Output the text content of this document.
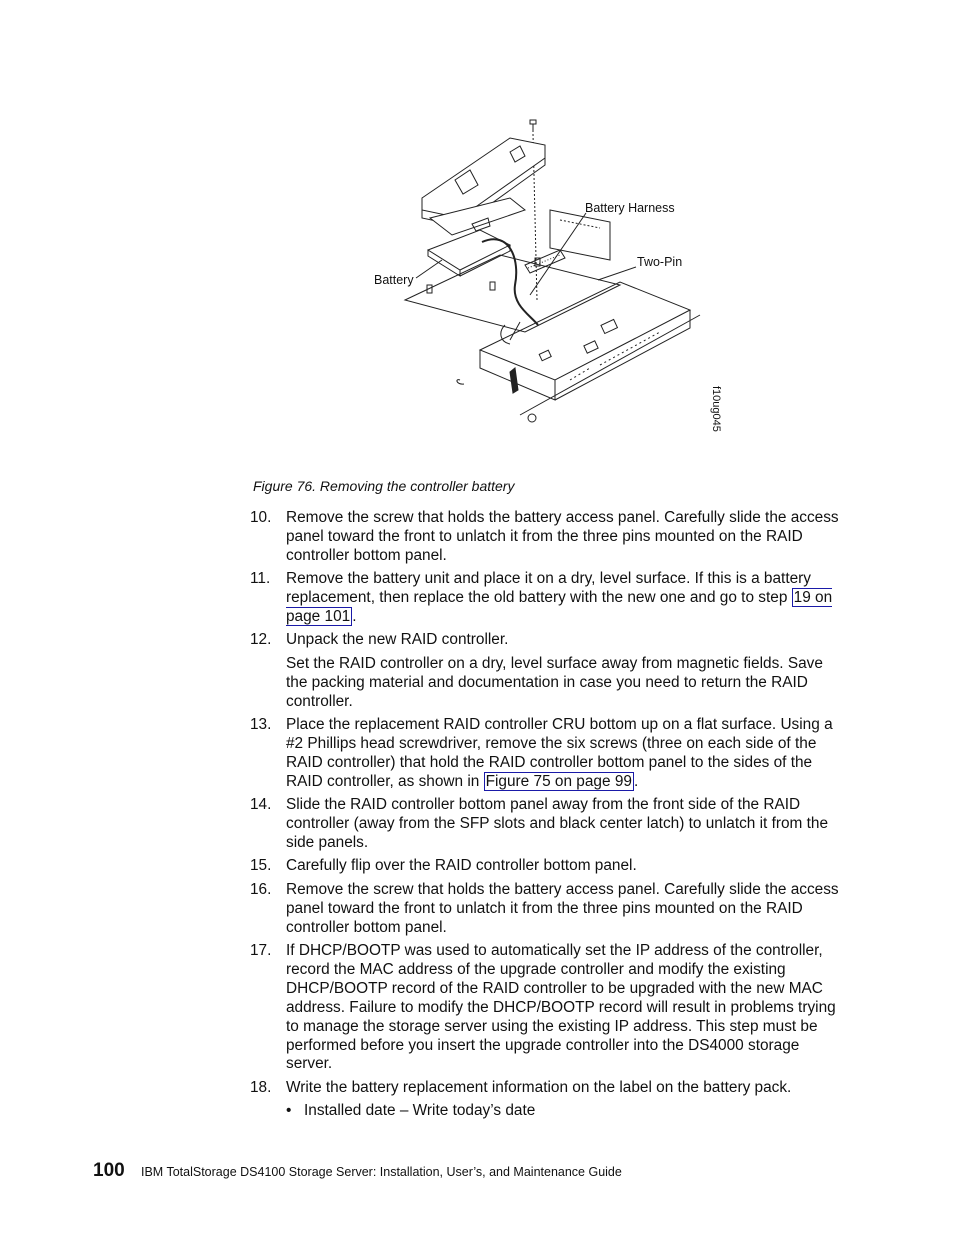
Battery Harness
Two-Pin
Battery
f10ug045
Figure 76. Removing the controller battery
10. Remove the screw that holds the battery access panel. Carefully slide the access panel toward the front to unlatch it from the three pins mounted on the RAID controller bottom panel.

11. Remove the battery unit and place it on a dry, level surface. If this is a battery replacement, then replace the old battery with the new one and go to step 19 on page 101 .

12. Unpack the new RAID controller.

Set the RAID controller on a dry, level surface away from magnetic fields. Save the packing material and documentation in case you need to return the RAID controller.

13. Place the replacement RAID controller CRU bottom up on a flat surface. Using a #2 Phillips head screwdriver, remove the six screws (three on each side of the RAID controller) that hold the RAID controller bottom panel to the sides of the RAID controller, as shown in Figure 75 on page 99 .

14. Slide the RAID controller bottom panel away from the front side of the RAID controller (away from the SFP slots and black center latch) to unlatch it from the side panels.

15. Carefully flip over the RAID controller bottom panel.

16. Remove the screw that holds the battery access panel. Carefully slide the access panel toward the front to unlatch it from the three pins mounted on the RAID controller bottom panel.

17. If DHCP/BOOTP was used to automatically set the IP address of the controller, record the MAC address of the upgrade controller and modify the existing DHCP/BOOTP record of the RAID controller to be upgraded with the new MAC address. Failure to modify the DHCP/BOOTP record will result in problems trying to manage the storage server using the existing IP address. This step must be performed before you insert the upgrade controller into the DS4000 storage server.

18. Write the battery replacement information on the label on the battery pack.

• Installed date – Write today’s date
100 IBM TotalStorage DS4100 Storage Server: Installation, User’s, and Maintenance Guide
